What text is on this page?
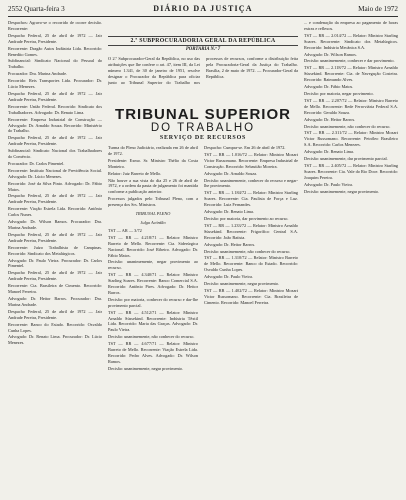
2552 Quarta-feira 3	DIÁRIO DA JUSTIÇA	Maio de 1972

Despachos: Agravo-se o recorrido de ocorre decisão. Recorrente:

Despacho Federal, 25 de abril de 1972 — Jair Andrade Pereira, Presidente.

Recorrente: Dragão Autos Indústria Ltda. Recorrido: Benedito Gomes.

Subfinancial: Sindicato Nacional do Pessoal do Trabalho.

Procurador: Dra. Marina Andrade.

Recorrido: Reis Transportes Ltda. Procurador: Dr. Lúcio Menezes.

Despacho Federal, 25 de abril de 1972 — Jair Andrade Pereira, Presidente.

Recorrente: União Federal. Recorrido: Sindicato dos Trabalhadores. Advogado: Dr. Renato Lima.

Recorrente: Empresa Industrial de Construção — Advogado: Dr. Arnaldo Souza. Recorrido: Ministério do Trabalho.

Despacho Federal, 25 de abril de 1972 — Jair Andrade Pereira, Presidente.

Subfinancial: Sindicato Nacional dos Trabalhadores do Comércio.

Procurador: Dr. Carlos Pimentel.

Recorrente: Instituto Nacional de Previdência Social. Advogado: Dr. Lúcio Menezes.

Recorrido: José da Silva Pinto. Advogado: Dr. Fábio Matos.

Despacho Federal, 25 de abril de 1972 — Jair Andrade Pereira, Presidente.

Recorrente: Viação Estrela Ltda. Recorrido: Antônio Carlos Nunes.

Advogado: Dr. Wilson Ramos. Procurador: Dra. Marina Andrade.

Despacho Federal, 25 de abril de 1972 — Jair Andrade Pereira, Presidente.

Recorrente: Juízo Trabalhista de Campinas. Recorrido: Sindicato dos Metalúrgicos.

Advogado: Dr. Paulo Vieira. Procurador: Dr. Carlos Pimentel.

Despacho Federal, 25 de abril de 1972 — Jair Andrade Pereira, Presidente.

Recorrente: Cia. Brasileira de Cimento. Recorrido: Manoel Ferreira.

Advogado: Dr. Heitor Barros. Procurador: Dra. Marina Andrade.

Despacho Federal, 25 de abril de 1972 — Jair Andrade Pereira, Presidente.

Recorrente: Banco do Estado. Recorrido: Osvaldo Cunha Lopes.

Advogado: Dr. Renato Lima. Procurador: Dr. Lúcio Menezes.

2.ª SUBPROCURADORIA GERAL DA REPÚBLICA
PORTARIA N.º 7
O 2.º Subprocurador-Geral da República, no uso das atribuições que lhe confere o art. 47, item III, da Lei número 1.341, de 30 de janeiro de 1951, resolve designar o Procurador da República para oficiar junto ao Tribunal Superior do Trabalho nos processos de recursos, conforme a distribuição feita pela Procuradoria-Geral da Justiça do Trabalho. Brasília, 2 de maio de 1972. — Procurador-Geral da República.
TRIBUNAL SUPERIOR
DO TRABALHO
SERVIÇO DE RECURSOS

Turma do Pleno Judiciário, realizada em 26 de abril de 1972.

Presidente: Exmo. Sr. Ministro Thélio da Costa Monteiro.

Relator: Juiz Barreto de Mello.

Não houve a sua vista do dia 25 e 26 de abril de 1972, e a ordem da pauta de julgamento foi mantida conforme a publicação anterior.

Processos julgados pelo Tribunal Pleno, com a presença dos Srs. Ministros.

TRIBUNAL PLENO

Julga Acórdão

TST — AR — 3/72

TST — RR — 4.218/71 — Relator: Ministro Barreto de Mello. Recorrente: Cia. Siderúrgica Nacional. Recorrido: José Ribeiro. Advogado: Dr. Fábio Matos.

Decisão: unanimemente, negar provimento ao recurso.

TST — RR — 4.340/71 — Relator: Ministro Starling Soares. Recorrente: Banco Comercial S.A. Recorrido: Antônio Pires. Advogado: Dr. Heitor Barros.

Decisão: por maioria, conhecer do recurso e dar-lhe provimento parcial.

TST — RR — 4.512/71 — Relator: Ministro Arnaldo Süssekind. Recorrente: Indústria Têxtil Ltda. Recorrido: Maria das Graças. Advogado: Dr. Paulo Vieira.

Decisão: unanimemente, não conhecer do recurso.

TST — RR — 4.677/71 — Relator: Ministro Barreto de Mello. Recorrente: Viação Estrela Ltda. Recorrido: Pedro Alves. Advogado: Dr. Wilson Ramos.

Decisão: unanimemente, negar provimento.

Despacho: Cumpra-se. Em 26 de abril de 1972.

TST — RR — 1.016/72 — Relator: Ministro Mozart Victor Russomano. Recorrente: Empresa Industrial de Construção. Recorrido: Sebastião Moreira.

Advogado: Dr. Arnaldo Souza.

Decisão: unanimemente, conhecer do recurso e negar-lhe provimento.

TST — RR — 1.184/72 — Relator: Ministro Starling Soares. Recorrente: Cia. Paulista de Força e Luz. Recorrido: Luiz Fernandes.

Advogado: Dr. Renato Lima.

Decisão: por maioria, dar provimento ao recurso.

TST — RR — 1.233/72 — Relator: Ministro Arnaldo Süssekind. Recorrente: Frigorífico Central S.A. Recorrido: João Batista.

Advogado: Dr. Heitor Barros.

Decisão: unanimemente, não conhecer do recurso.

TST — RR — 1.310/72 — Relator: Ministro Barreto de Mello. Recorrente: Banco do Estado. Recorrido: Osvaldo Cunha Lopes.

Advogado: Dr. Paulo Vieira.

Decisão: unanimemente, negar provimento.

TST — RR — 1.402/72 — Relator: Ministro Mozart Victor Russomano. Recorrente: Cia. Brasileira de Cimento. Recorrido: Manoel Ferreira.

... e condenação da empresa ao pagamento de horas extras e reflexos.

TST — RR — 2.014/72 — Relator: Ministro Starling Soares. Recorrente: Sindicato dos Metalúrgicos. Recorrido: Indústria Mecânica S.A.

Advogado: Dr. Wilson Ramos.

Decisão: unanimemente, conhecer e dar provimento.

TST — RR — 2.118/72 — Relator: Ministro Arnaldo Süssekind. Recorrente: Cia. de Navegação Costeira. Recorrido: Raimundo Alves.

Advogado: Dr. Fábio Matos.

Decisão: por maioria, negar provimento.

TST — RR — 2.207/72 — Relator: Ministro Barreto de Mello. Recorrente: Rede Ferroviária Federal S.A. Recorrido: Geraldo Souza.

Advogado: Dr. Heitor Barros.

Decisão: unanimemente, não conhecer do recurso.

TST — RR — 2.311/72 — Relator: Ministro Mozart Victor Russomano. Recorrente: Petróleo Brasileiro S.A. Recorrido: Carlos Menezes.

Advogado: Dr. Renato Lima.

Decisão: unanimemente, dar provimento parcial.

TST — RR — 2.405/72 — Relator: Ministro Starling Soares. Recorrente: Cia. Vale do Rio Doce. Recorrido: Joaquim Pereira.

Advogado: Dr. Paulo Vieira.

Decisão: unanimemente, negar provimento.
